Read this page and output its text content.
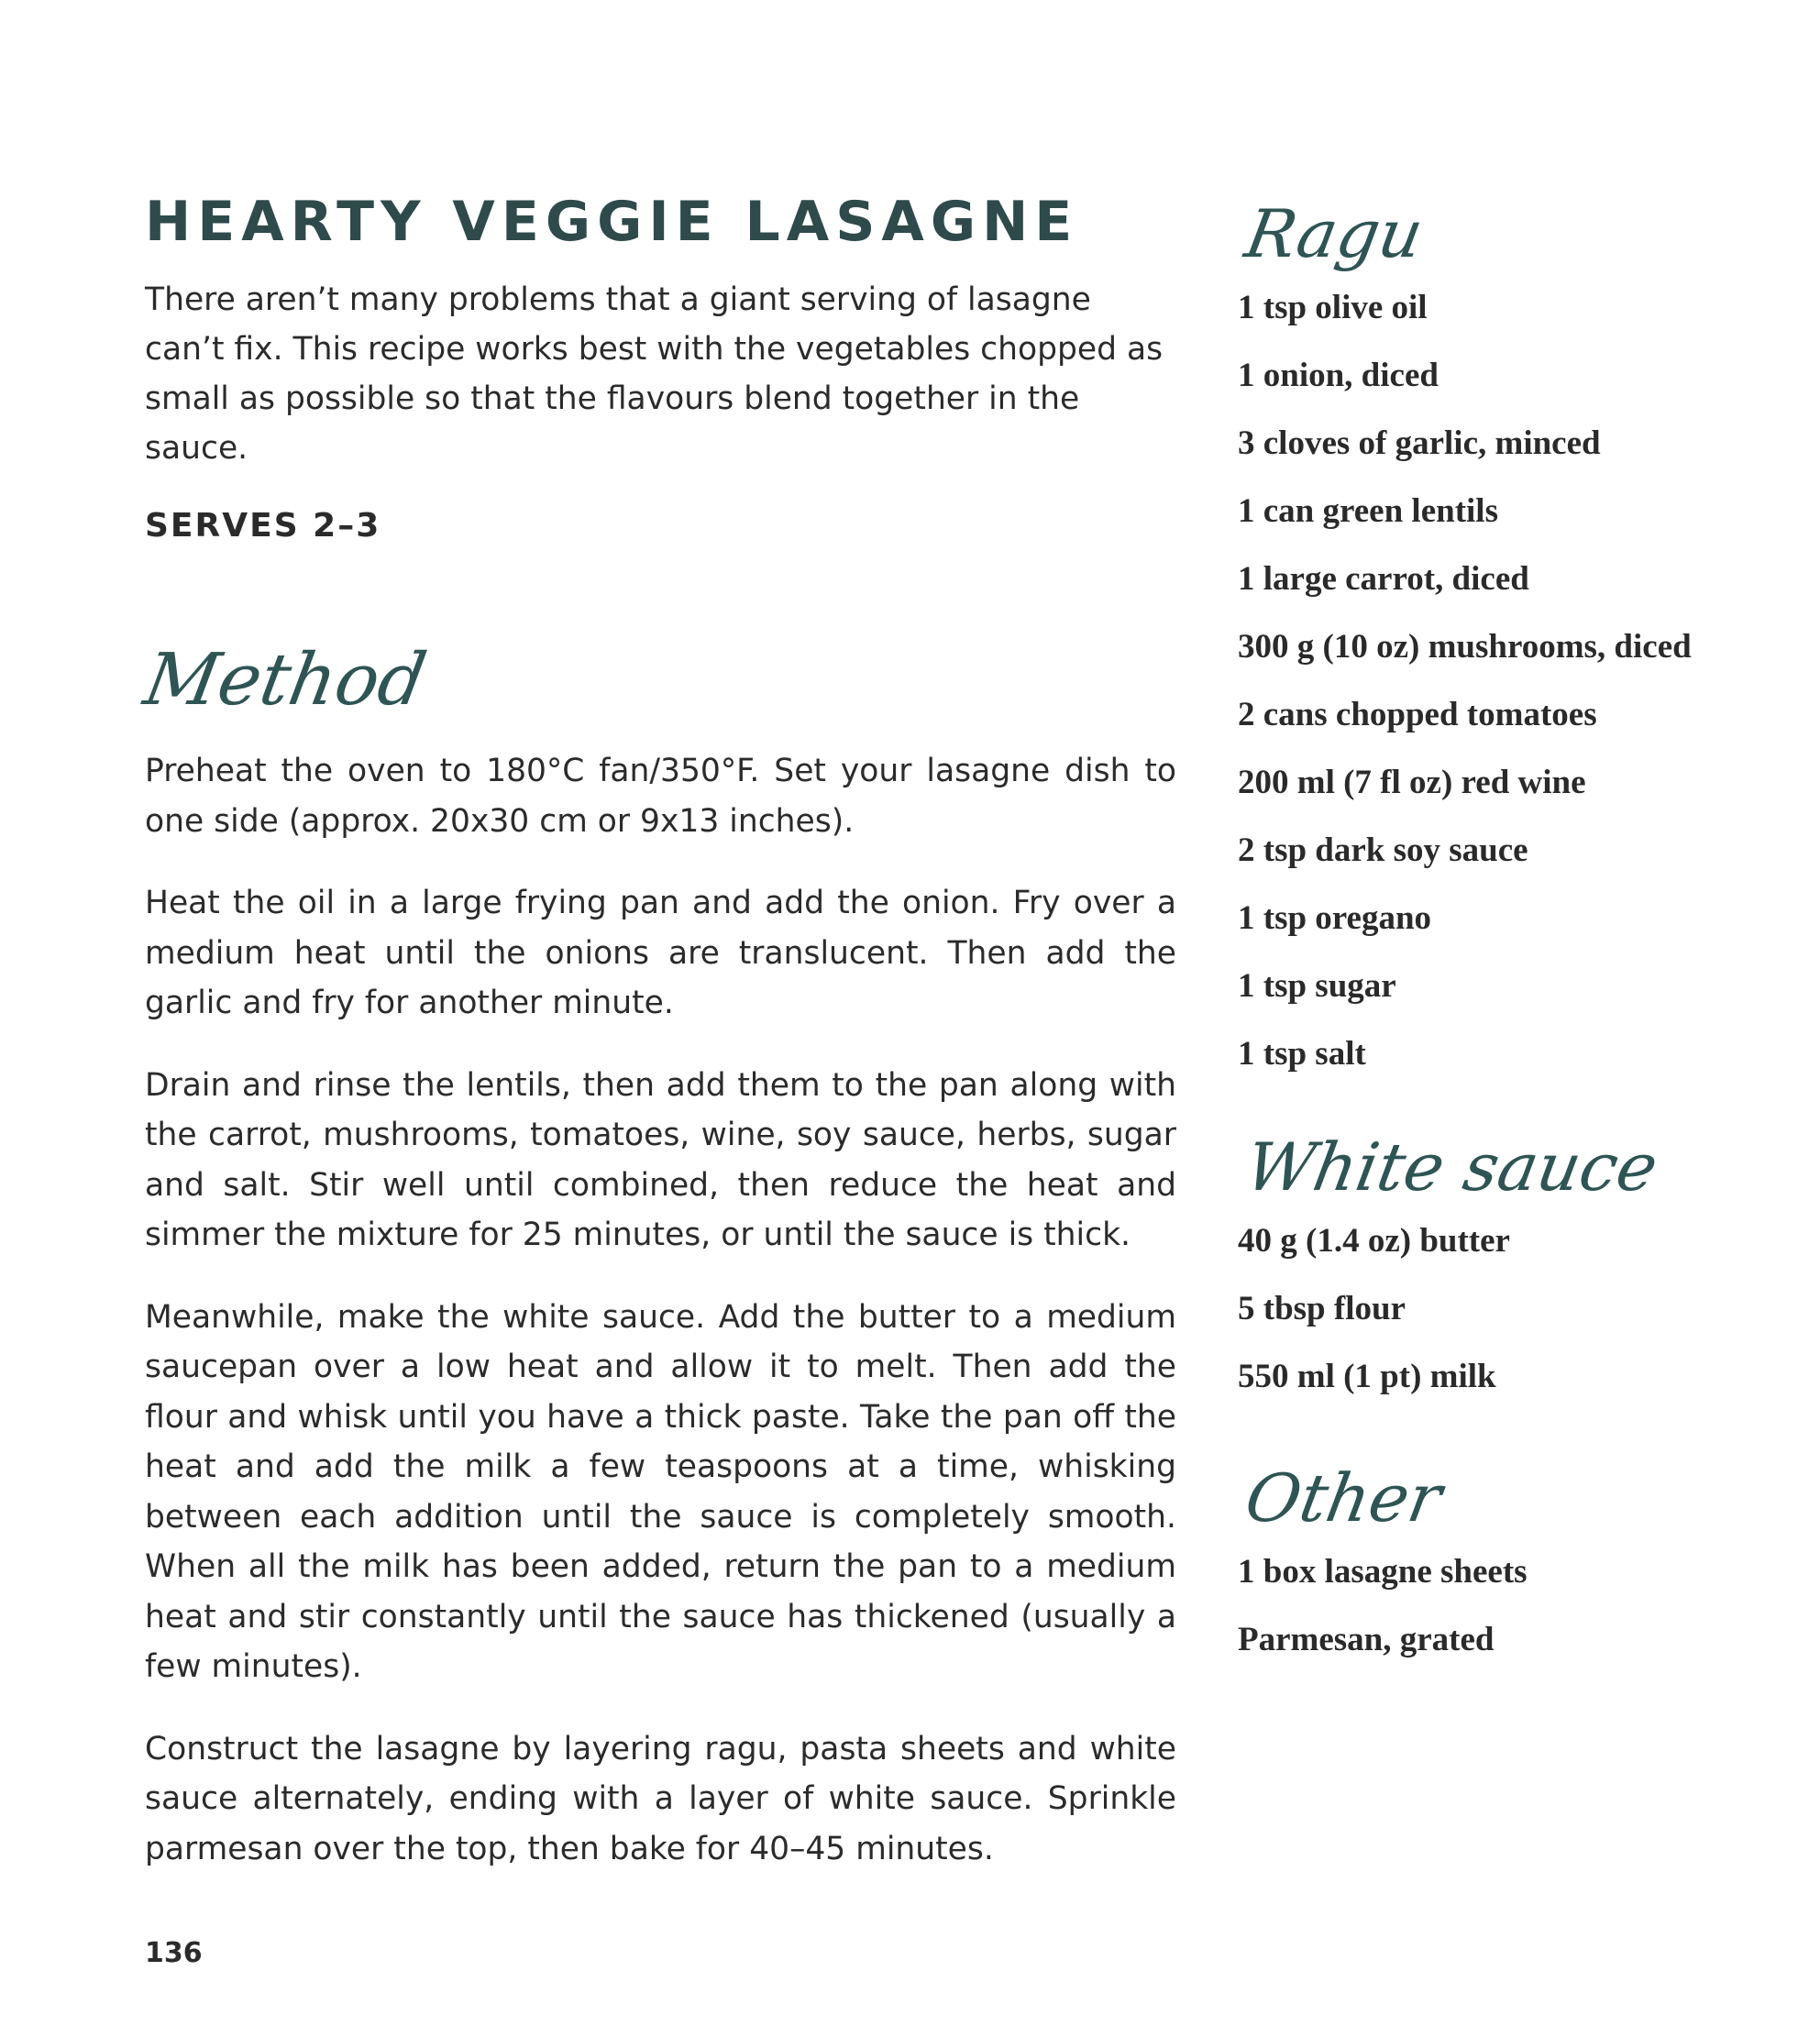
HEARTY VEGGIE LASAGNE

There aren’t many problems that a giant serving of lasagne can’t fix. This recipe works best with the vegetables chopped as small as possible so that the flavours blend together in the sauce.

SERVES 2–3
Method

Preheat the oven to 180°C fan/350°F. Set your lasagne dish to one side (approx. 20x30 cm or 9x13 inches).

Heat the oil in a large frying pan and add the onion. Fry over a medium heat until the onions are translucent. Then add the garlic and fry for another minute.

Drain and rinse the lentils, then add them to the pan along with the carrot, mushrooms, tomatoes, wine, soy sauce, herbs, sugar and salt. Stir well until combined, then reduce the heat and simmer the mixture for 25 minutes, or until the sauce is thick.

Meanwhile, make the white sauce. Add the butter to a medium saucepan over a low heat and allow it to melt. Then add the flour and whisk until you have a thick paste. Take the pan off the heat and add the milk a few teaspoons at a time, whisking between each addition until the sauce is completely smooth. When all the milk has been added, return the pan to a medium heat and stir constantly until the sauce has thickened (usually a few minutes).

Construct the lasagne by layering ragu, pasta sheets and white sauce alternately, ending with a layer of white sauce. Sprinkle parmesan over the top, then bake for 40–45 minutes.

Ragu
1 tsp olive oil
1 onion, diced
3 cloves of garlic, minced
1 can green lentils
1 large carrot, diced
300 g (10 oz) mushrooms, diced
2 cans chopped tomatoes
200 ml (7 fl oz) red wine
2 tsp dark soy sauce
1 tsp oregano
1 tsp sugar
1 tsp salt
White sauce
40 g (1.4 oz) butter
5 tbsp flour
550 ml (1 pt) milk
Other
1 box lasagne sheets
Parmesan, grated
136
